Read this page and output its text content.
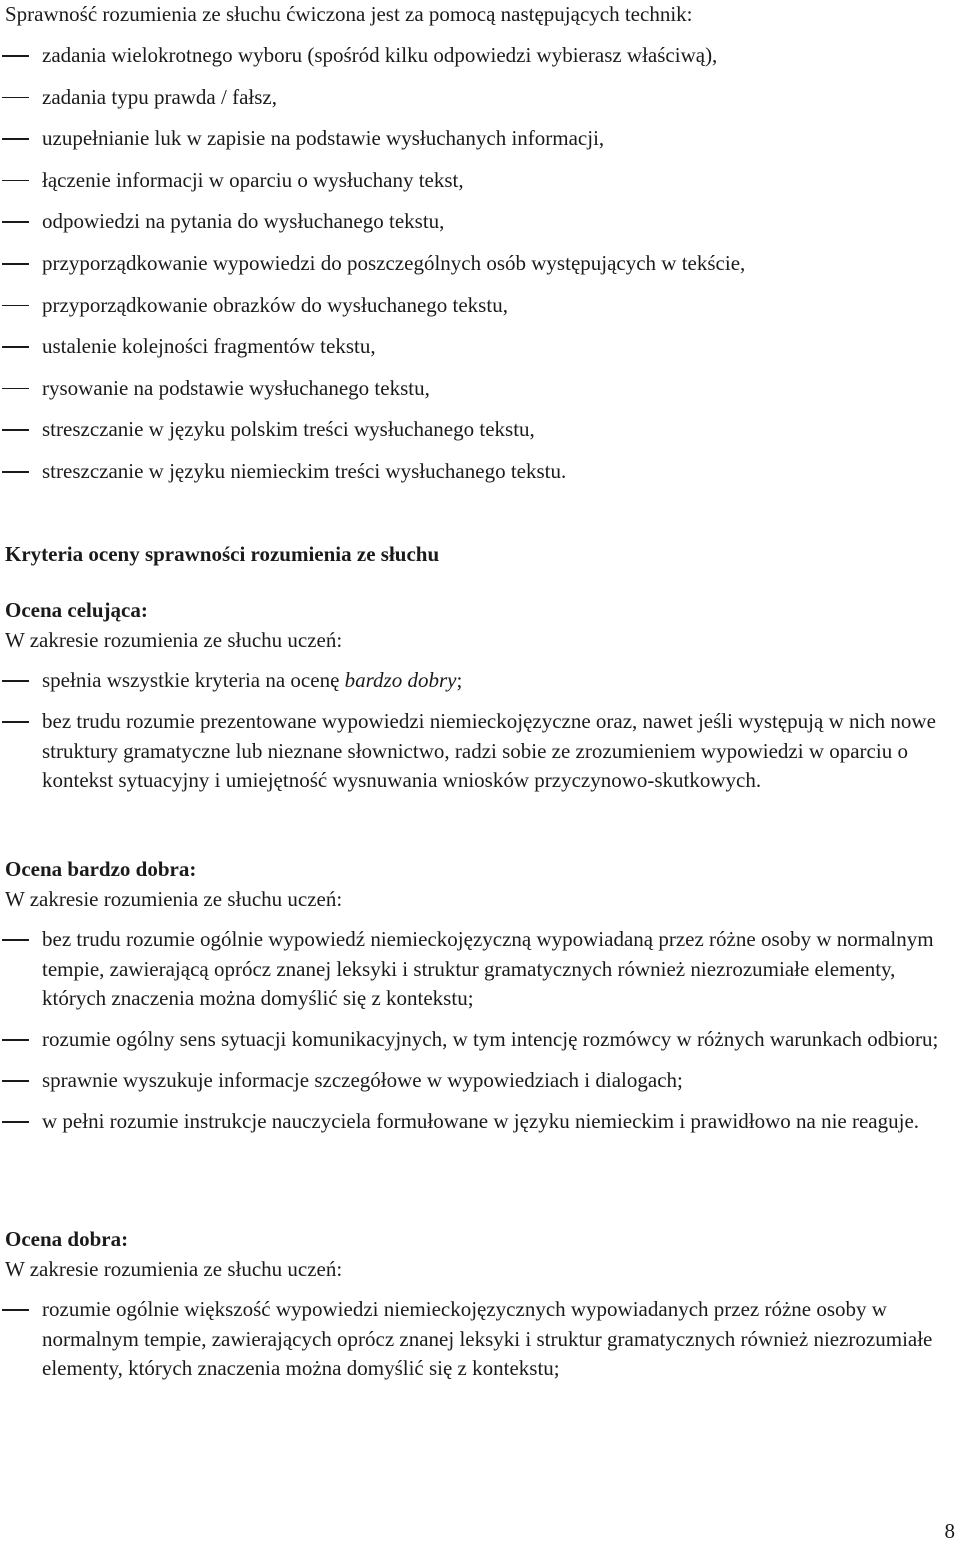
Sprawność rozumienia ze słuchu ćwiczona jest za pomocą następujących technik:
zadania wielokrotnego wyboru (spośród kilku odpowiedzi wybierasz właściwą),
zadania typu prawda / fałsz,
uzupełnianie luk w zapisie na podstawie wysłuchanych informacji,
łączenie informacji w oparciu o wysłuchany tekst,
odpowiedzi na pytania do wysłuchanego tekstu,
przyporządkowanie wypowiedzi do poszczególnych osób występujących w tekście,
przyporządkowanie obrazków do wysłuchanego tekstu,
ustalenie kolejności fragmentów tekstu,
rysowanie na podstawie wysłuchanego tekstu,
streszczanie w języku polskim treści wysłuchanego tekstu,
streszczanie w języku niemieckim treści wysłuchanego tekstu.
Kryteria oceny sprawności rozumienia ze słuchu
Ocena celująca:
W zakresie rozumienia ze słuchu uczeń:
spełnia wszystkie kryteria na ocenę bardzo dobry;
bez trudu rozumie prezentowane wypowiedzi niemieckojęzyczne oraz, nawet jeśli występują w nich nowe struktury gramatyczne lub nieznane słownictwo, radzi sobie ze zrozumieniem wypowiedzi w oparciu o kontekst sytuacyjny i umiejętność wysnuwania wniosków przyczynowo-skutkowych.
Ocena bardzo dobra:
W zakresie rozumienia ze słuchu uczeń:
bez trudu rozumie ogólnie wypowiedź niemieckojęzyczną wypowiadaną przez różne osoby w normalnym tempie, zawierającą oprócz znanej leksyki i struktur gramatycznych również niezrozumiałe elementy, których znaczenia można domyślić się z kontekstu;
rozumie ogólny sens sytuacji komunikacyjnych, w tym intencję rozmówcy w różnych warunkach odbioru;
sprawnie wyszukuje informacje szczegółowe w wypowiedziach i dialogach;
w pełni rozumie instrukcje nauczyciela formułowane w języku niemieckim i prawidłowo na nie reaguje.
Ocena dobra:
W zakresie rozumienia ze słuchu uczeń:
rozumie ogólnie większość wypowiedzi niemieckojęzycznych wypowiadanych przez różne osoby w normalnym tempie, zawierających oprócz znanej leksyki i struktur gramatycznych również niezrozumiałe elementy, których znaczenia można domyślić się z kontekstu;
8
